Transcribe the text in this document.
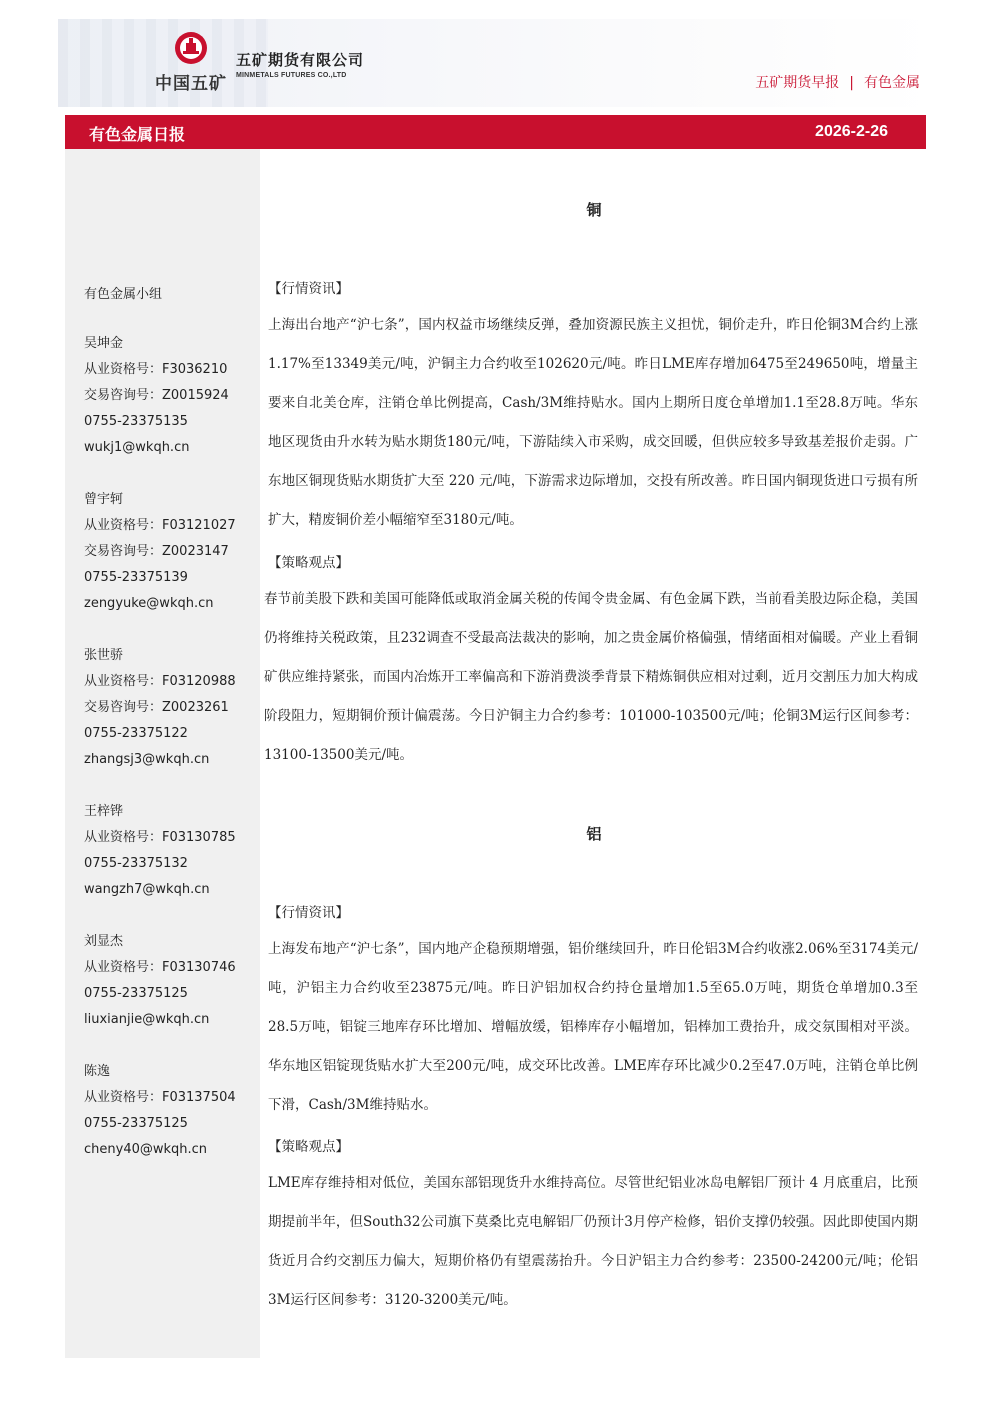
中国五矿
五矿期货有限公司
MINMETALS FUTURES CO.,LTD	五矿期货早报 | 有色金属
有色金属日报	2026-2-26
有色金属小组
吴坤金
从业资格号：F3036210
交易咨询号：Z0015924
0755-23375135
wukj1@wkqh.cn
曾宇轲
从业资格号：F03121027
交易咨询号：Z0023147
0755-23375139
zengyuke@wkqh.cn
张世骄
从业资格号：F03120988
交易咨询号：Z0023261
0755-23375122
zhangsj3@wkqh.cn
王梓铧
从业资格号：F03130785
0755-23375132
wangzh7@wkqh.cn
刘显杰
从业资格号：F03130746
0755-23375125
liuxianjie@wkqh.cn
陈逸
从业资格号：F03137504
0755-23375125
cheny40@wkqh.cn
铜
【行情资讯】
上海出台地产“沪七条”，国内权益市场继续反弹，叠加资源民族主义担忧，铜价走升，昨日伦铜3M合约上涨1.17%至13349美元/吨，沪铜主力合约收至102620元/吨。昨日LME库存增加6475至249650吨，增量主要来自北美仓库，注销仓单比例提高，Cash/3M维持贴水。国内上期所日度仓单增加1.1至28.8万吨。华东地区现货由升水转为贴水期货180元/吨，下游陆续入市采购，成交回暖，但供应较多导致基差报价走弱。广东地区铜现货贴水期货扩大至 220 元/吨，下游需求边际增加，交投有所改善。昨日国内铜现货进口亏损有所扩大，精废铜价差小幅缩窄至3180元/吨。
【策略观点】
春节前美股下跌和美国可能降低或取消金属关税的传闻令贵金属、有色金属下跌，当前看美股边际企稳，美国仍将维持关税政策，且232调查不受最高法裁决的影响，加之贵金属价格偏强，情绪面相对偏暖。产业上看铜矿供应维持紧张，而国内冶炼开工率偏高和下游消费淡季背景下精炼铜供应相对过剩，近月交割压力加大构成阶段阻力，短期铜价预计偏震荡。今日沪铜主力合约参考：101000-103500元/吨；伦铜3M运行区间参考：13100-13500美元/吨。
铝
【行情资讯】
上海发布地产“沪七条”，国内地产企稳预期增强，铝价继续回升，昨日伦铝3M合约收涨2.06%至3174美元/吨，沪铝主力合约收至23875元/吨。昨日沪铝加权合约持仓量增加1.5至65.0万吨，期货仓单增加0.3至28.5万吨，铝锭三地库存环比增加、增幅放缓，铝棒库存小幅增加，铝棒加工费抬升，成交氛围相对平淡。华东地区铝锭现货贴水扩大至200元/吨，成交环比改善。LME库存环比减少0.2至47.0万吨，注销仓单比例下滑，Cash/3M维持贴水。
【策略观点】
LME库存维持相对低位，美国东部铝现货升水维持高位。尽管世纪铝业冰岛电解铝厂预计 4 月底重启，比预期提前半年，但South32公司旗下莫桑比克电解铝厂仍预计3月停产检修，铝价支撑仍较强。因此即使国内期货近月合约交割压力偏大，短期价格仍有望震荡抬升。今日沪铝主力合约参考：23500-24200元/吨；伦铝3M运行区间参考：3120-3200美元/吨。
